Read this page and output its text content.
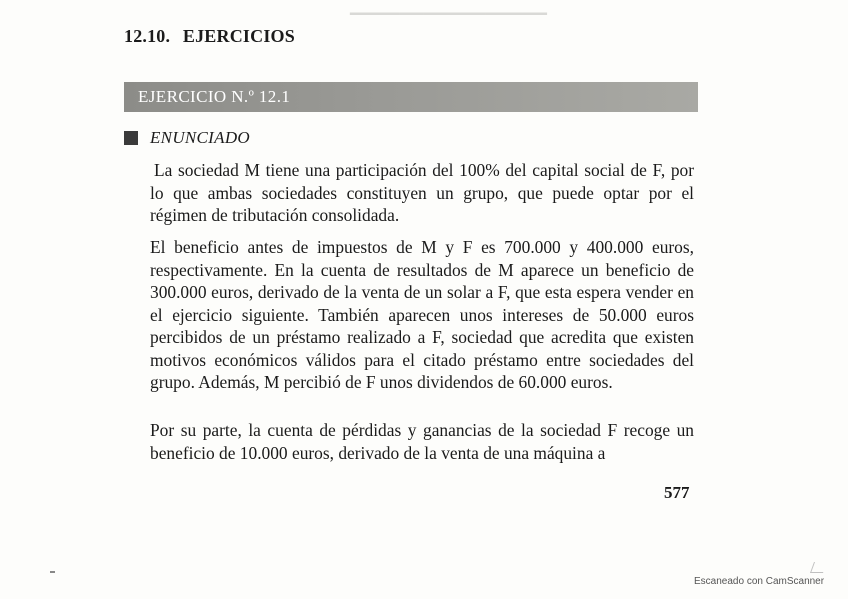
▁▁▁▁▁▁▁▁▁▁▁▁▁▁▁▁
12.10. EJERCICIOS
EJERCICIO N.º 12.1
ENUNCIADO

La sociedad M tiene una participación del 100% del capital social de F, por lo que ambas sociedades constituyen un grupo, que puede optar por el régimen de tributación consolidada.

El beneficio antes de impuestos de M y F es 700.000 y 400.000 euros, respectivamente. En la cuenta de resultados de M aparece un beneficio de 300.000 euros, derivado de la venta de un solar a F, que esta espera vender en el ejercicio siguiente. También aparecen unos intereses de 50.000 euros percibidos de un préstamo realizado a F, sociedad que acredita que existen motivos económicos válidos para el citado préstamo entre sociedades del grupo. Además, M percibió de F unos dividendos de 60.000 euros.

Por su parte, la cuenta de pérdidas y ganancias de la sociedad F recoge un beneficio de 10.000 euros, derivado de la venta de una máquina a

577
Escaneado con CamScanner
